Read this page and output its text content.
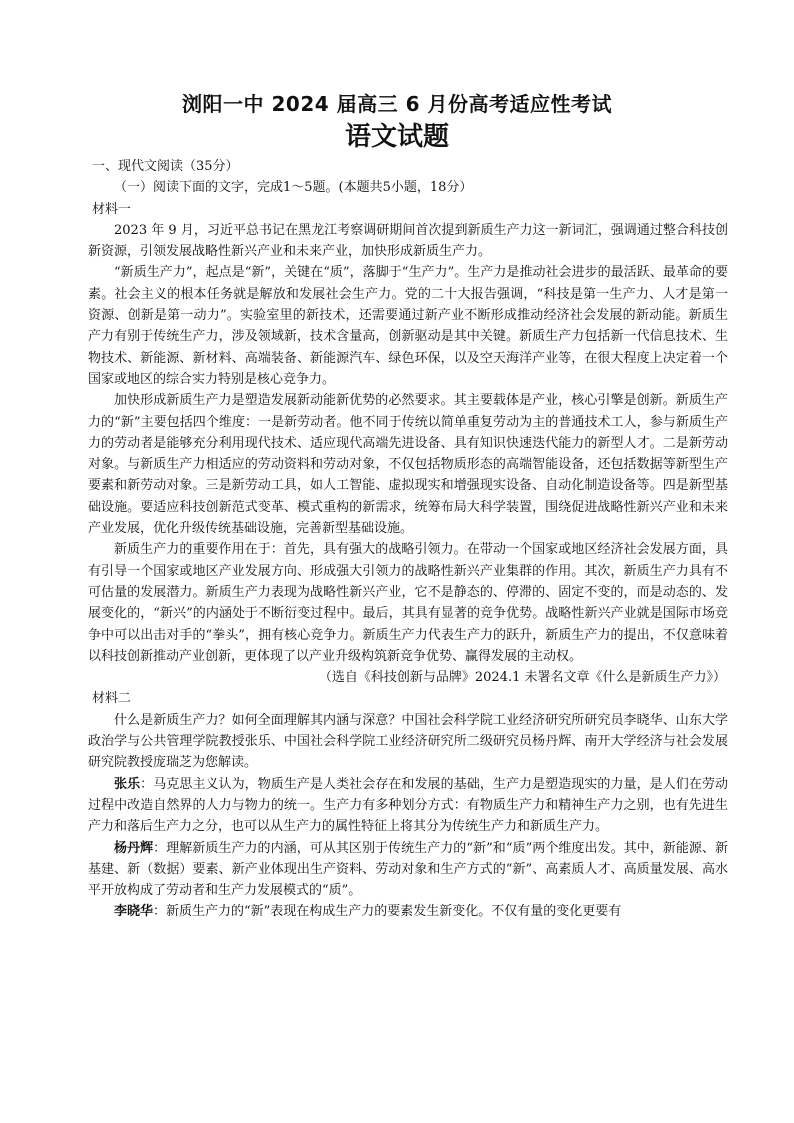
浏阳一中 2024 届高三 6 月份高考适应性考试
语文试题

一、现代文阅读（35分）

（一）阅读下面的文字，完成1～5题。(本题共5小题，18分）

材料一

2023 年 9 月，习近平总书记在黑龙江考察调研期间首次提到新质生产力这一新词汇，强调通过整合科技创新资源，引领发展战略性新兴产业和未来产业，加快形成新质生产力。

“新质生产力”，起点是“新”，关键在“质”，落脚于“生产力”。生产力是推动社会进步的最活跃、最革命的要素。社会主义的根本任务就是解放和发展社会生产力。党的二十大报告强调，“科技是第一生产力、人才是第一资源、创新是第一动力”。实验室里的新技术，还需要通过新产业不断形成推动经济社会发展的新动能。新质生产力有别于传统生产力，涉及领域新，技术含量高，创新驱动是其中关键。新质生产力包括新一代信息技术、生物技术、新能源、新材料、高端装备、新能源汽车、绿色环保，以及空天海洋产业等，在很大程度上决定着一个国家或地区的综合实力特别是核心竞争力。

加快形成新质生产力是塑造发展新动能新优势的必然要求。其主要载体是产业，核心引擎是创新。新质生产力的“新”主要包括四个维度：一是新劳动者。他不同于传统以简单重复劳动为主的普通技术工人，参与新质生产力的劳动者是能够充分利用现代技术、适应现代高端先进设备、具有知识快速迭代能力的新型人才。二是新劳动对象。与新质生产力相适应的劳动资料和劳动对象，不仅包括物质形态的高端智能设备，还包括数据等新型生产要素和新劳动对象。三是新劳动工具，如人工智能、虚拟现实和增强现实设备、自动化制造设备等。四是新型基础设施。要适应科技创新范式变革、模式重构的新需求，统筹布局大科学装置，围绕促进战略性新兴产业和未来产业发展，优化升级传统基础设施，完善新型基础设施。

新质生产力的重要作用在于：首先，具有强大的战略引领力。在带动一个国家或地区经济社会发展方面，具有引导一个国家或地区产业发展方向、形成强大引领力的战略性新兴产业集群的作用。其次，新质生产力具有不可估量的发展潜力。新质生产力表现为战略性新兴产业，它不是静态的、停滞的、固定不变的，而是动态的、发展变化的，“新兴”的内涵处于不断衍变过程中。最后，其具有显著的竞争优势。战略性新兴产业就是国际市场竞争中可以出击对手的“拳头”，拥有核心竞争力。新质生产力代表生产力的跃升，新质生产力的提出，不仅意味着以科技创新推动产业创新，更体现了以产业升级构筑新竞争优势、赢得发展的主动权。

（选自《科技创新与品牌》2024.1 未署名文章《什么是新质生产力》）

材料二

什么是新质生产力？如何全面理解其内涵与深意？中国社会科学院工业经济研究所研究员李晓华、山东大学政治学与公共管理学院教授张乐、中国社会科学院工业经济研究所二级研究员杨丹辉、南开大学经济与社会发展研究院教授庞瑞芝为您解读。

张乐：马克思主义认为，物质生产是人类社会存在和发展的基础，生产力是塑造现实的力量，是人们在劳动过程中改造自然界的人力与物力的统一。生产力有多种划分方式：有物质生产力和精神生产力之别，也有先进生产力和落后生产力之分，也可以从生产力的属性特征上将其分为传统生产力和新质生产力。

杨丹辉：理解新质生产力的内涵，可从其区别于传统生产力的“新”和“质”两个维度出发。其中，新能源、新基建、新（数据）要素、新产业体现出生产资料、劳动对象和生产方式的“新”、高素质人才、高质量发展、高水平开放构成了劳动者和生产力发展模式的“质”。

李晓华：新质生产力的“新”表现在构成生产力的要素发生新变化。不仅有量的变化更要有
